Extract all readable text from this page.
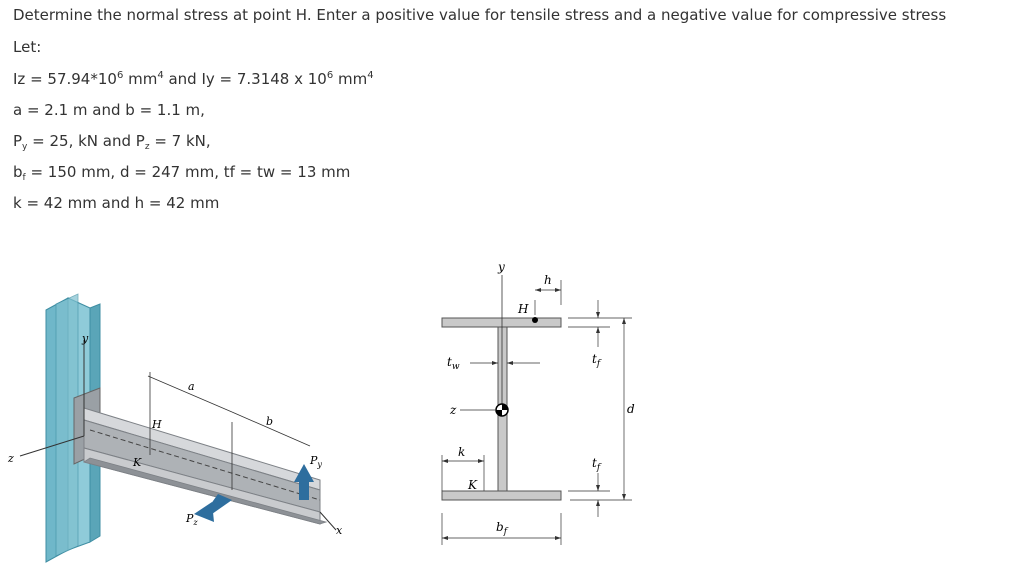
Determine the normal stress at point H. Enter a positive value for tensile stress and a negative value for compressive stress
Let:
$Iz = 57.94*10^6$ $mm^4$ and Iy = 7.3148 x $10^6$ $mm^4$
a = 2.1 m and b = 1.1 m,
$P_y = 25$, kN and $P_z = 7$ kN,
$b_f = 150$ mm, d = 247 mm, tf = tw = 13 mm
k = 42 mm and h = 42 mm
y
z
x
a
b
H
K	$P_y$
$P_z$
y
h
H
$t_f$
$t_w$
z	d
k
K
$t_f$
$b_f$
